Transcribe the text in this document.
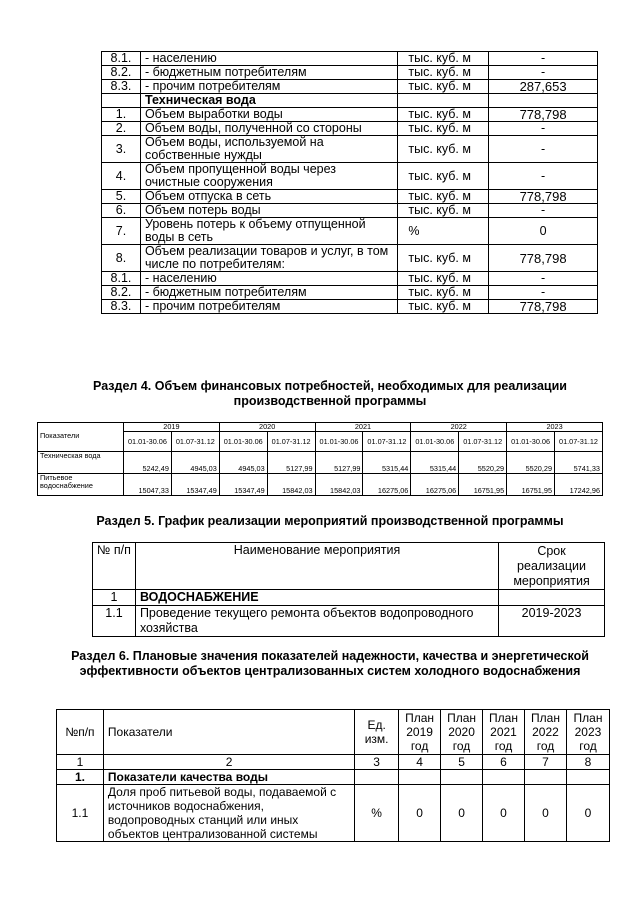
8.1.	- населению	тыс. куб. м	-
8.2.	- бюджетным потребителям	тыс. куб. м	-
8.3.	- прочим потребителям	тыс. куб. м	287,653
	Техническая вода		
1.	Объем выработки воды	тыс. куб. м	778,798
2.	Объем воды, полученной со стороны	тыс. куб. м	-
3.	Объем воды, используемой на собственные нужды	тыс. куб. м	-
4.	Объем пропущенной воды через очистные сооружения	тыс. куб. м	-
5.	Объем отпуска в сеть	тыс. куб. м	778,798
6.	Объем потерь воды	тыс. куб. м	-
7.	Уровень потерь к объему отпущенной воды в сеть	%	0
8.	Объем реализации товаров и услуг, в том числе по потребителям:	тыс. куб. м	778,798
8.1.	- населению	тыс. куб. м	-
8.2.	- бюджетным потребителям	тыс. куб. м	-
8.3.	- прочим потребителям	тыс. куб. м	778,798
Раздел 4. Объем финансовых потребностей, необходимых для реализации производственной программы
Показатели	2019		2020		2021		2022		2023	
	01.01-30.06	01.07-31.12	01.01-30.06	01.07-31.12	01.01-30.06	01.07-31.12	01.01-30.06	01.07-31.12	01.01-30.06	01.07-31.12
Техническая вода	5242,49	4945,03	4945,03	5127,99	5127,99	5315,44	5315,44	5520,29	5520,29	5741,33
Питьевое водоснабжение	15047,33	15347,49	15347,49	15842,03	15842,03	16275,06	16275,06	16751,95	16751,95	17242,96
Раздел 5. График реализации мероприятий производственной программы
№ п/п	Наименование мероприятия	Срок реализации мероприятия
1	ВОДОСНАБЖЕНИЕ	
1.1	Проведение текущего ремонта объектов водопроводного хозяйства	2019-2023
Раздел 6. Плановые значения показателей надежности, качества и энергетической эффективности объектов централизованных систем холодного водоснабжения
№п/п	Показатели	Ед. изм.	План 2019 год	План 2020 год	План 2021 год	План 2022 год	План 2023 год
1	2	3	4	5	6	7	8
1.	Показатели качества воды						
1.1	Доля проб питьевой воды, подаваемой с источников водоснабжения, водопроводных станций или иных объектов централизованной системы	%	0	0	0	0	0
